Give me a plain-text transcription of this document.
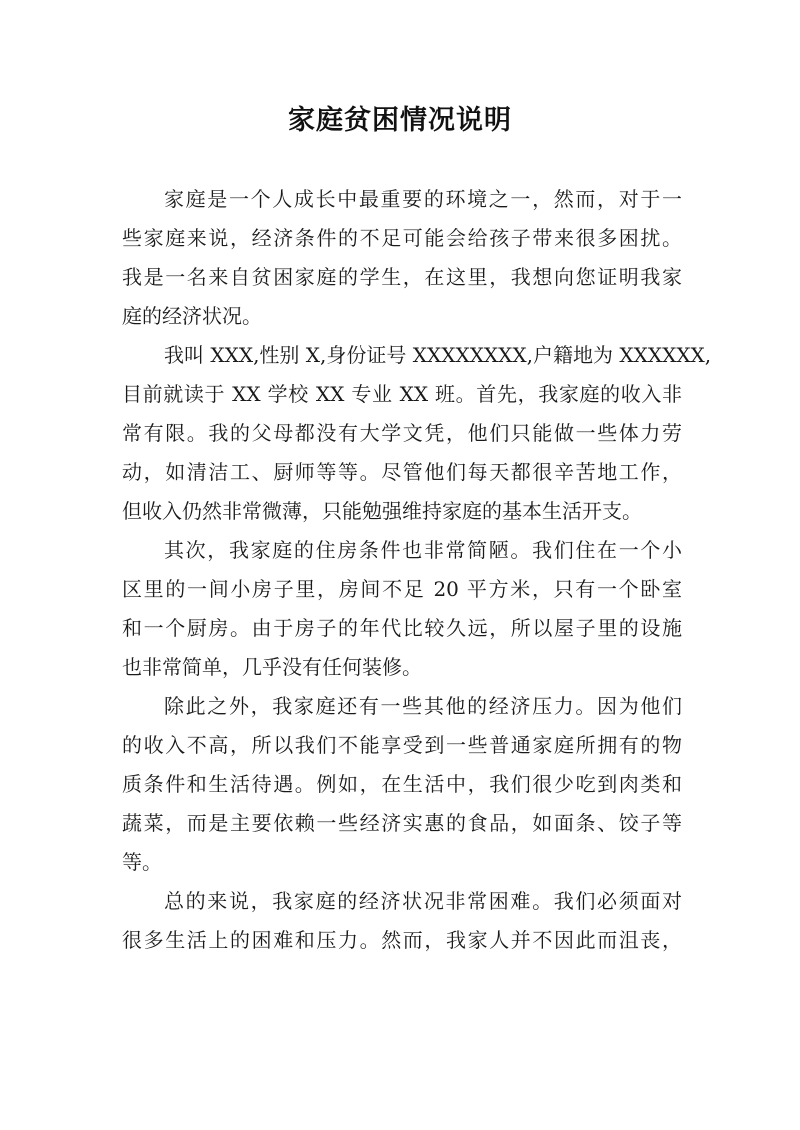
家庭贫困情况说明
家庭是一个人成长中最重要的环境之一，然而，对于一
些家庭来说，经济条件的不足可能会给孩子带来很多困扰。
我是一名来自贫困家庭的学生，在这里，我想向您证明我家
庭的经济状况。
我叫 XXX,性别 X,身份证号 XXXXXXXX,户籍地为 XXXXXX,
目前就读于 XX 学校 XX 专业 XX 班。首先，我家庭的收入非
常有限。我的父母都没有大学文凭，他们只能做一些体力劳
动，如清洁工、厨师等等。尽管他们每天都很辛苦地工作，
但收入仍然非常微薄，只能勉强维持家庭的基本生活开支。
其次，我家庭的住房条件也非常简陋。我们住在一个小
区里的一间小房子里，房间不足 20 平方米，只有一个卧室
和一个厨房。由于房子的年代比较久远，所以屋子里的设施
也非常简单，几乎没有任何装修。
除此之外，我家庭还有一些其他的经济压力。因为他们
的收入不高，所以我们不能享受到一些普通家庭所拥有的物
质条件和生活待遇。例如，在生活中，我们很少吃到肉类和
蔬菜，而是主要依赖一些经济实惠的食品，如面条、饺子等
等。
总的来说，我家庭的经济状况非常困难。我们必须面对
很多生活上的困难和压力。然而，我家人并不因此而沮丧，
